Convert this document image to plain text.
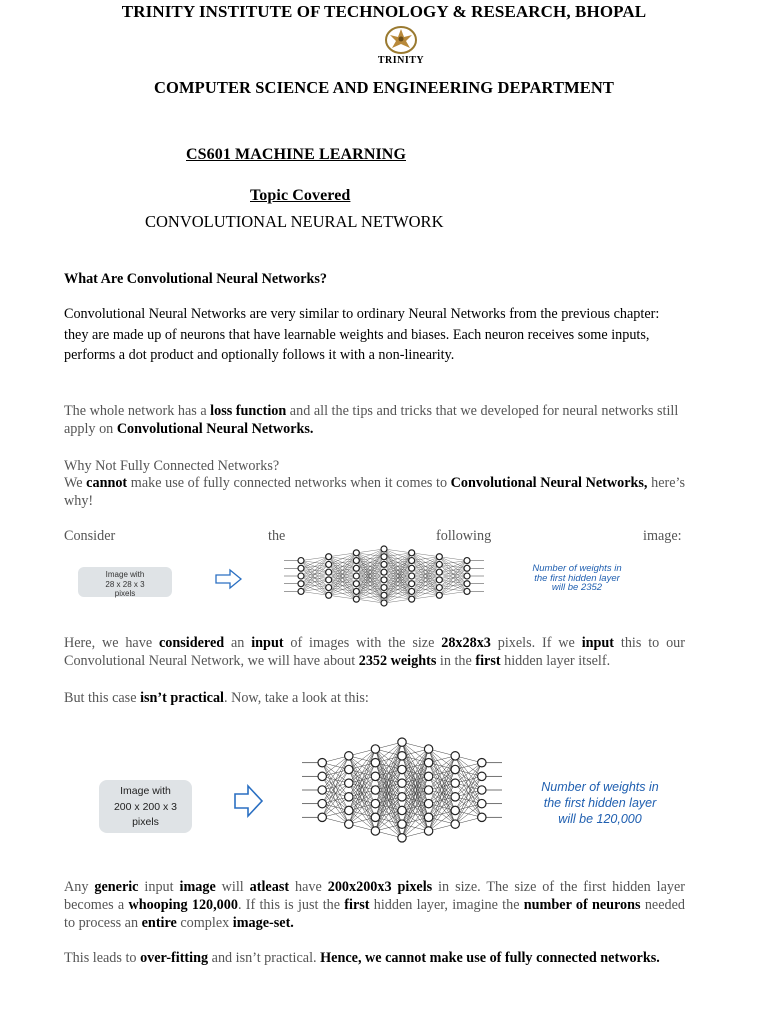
TRINITY INSTITUTE OF TECHNOLOGY & RESEARCH, BHOPAL
TRINITY
COMPUTER SCIENCE AND ENGINEERING DEPARTMENT
CS601 MACHINE LEARNING
Topic Covered
CONVOLUTIONAL NEURAL NETWORK
What Are Convolutional Neural Networks?
Convolutional Neural Networks are very similar to ordinary Neural Networks from the previous chapter: they are made up of neurons that have learnable weights and biases. Each neuron receives some inputs, performs a dot product and optionally follows it with a non-linearity.
The whole network has a loss function and all the tips and tricks that we developed for neural networks still apply on Convolutional Neural Networks.
Why Not Fully Connected Networks?
We cannot make use of fully connected networks when it comes to Convolutional Neural Networks, here’s why!
Consider	the	following	image:
Image with
28 x 28 x 3
pixels
Number of weights in
the first hidden layer
will be 2352
Here, we have considered an input of images with the size 28x28x3 pixels. If we input this to our Convolutional Neural Network, we will have about 2352 weights in the first hidden layer itself.
But this case isn’t practical. Now, take a look at this:
Image with
200 x 200 x 3
pixels
Number of weights in
the first hidden layer
will be 120,000
Any generic input image will atleast have 200x200x3 pixels in size. The size of the first hidden layer becomes a whooping 120,000. If this is just the first hidden layer, imagine the number of neurons needed to process an entire complex image-set.
This leads to over-fitting and isn’t practical. Hence, we cannot make use of fully connected networks.
